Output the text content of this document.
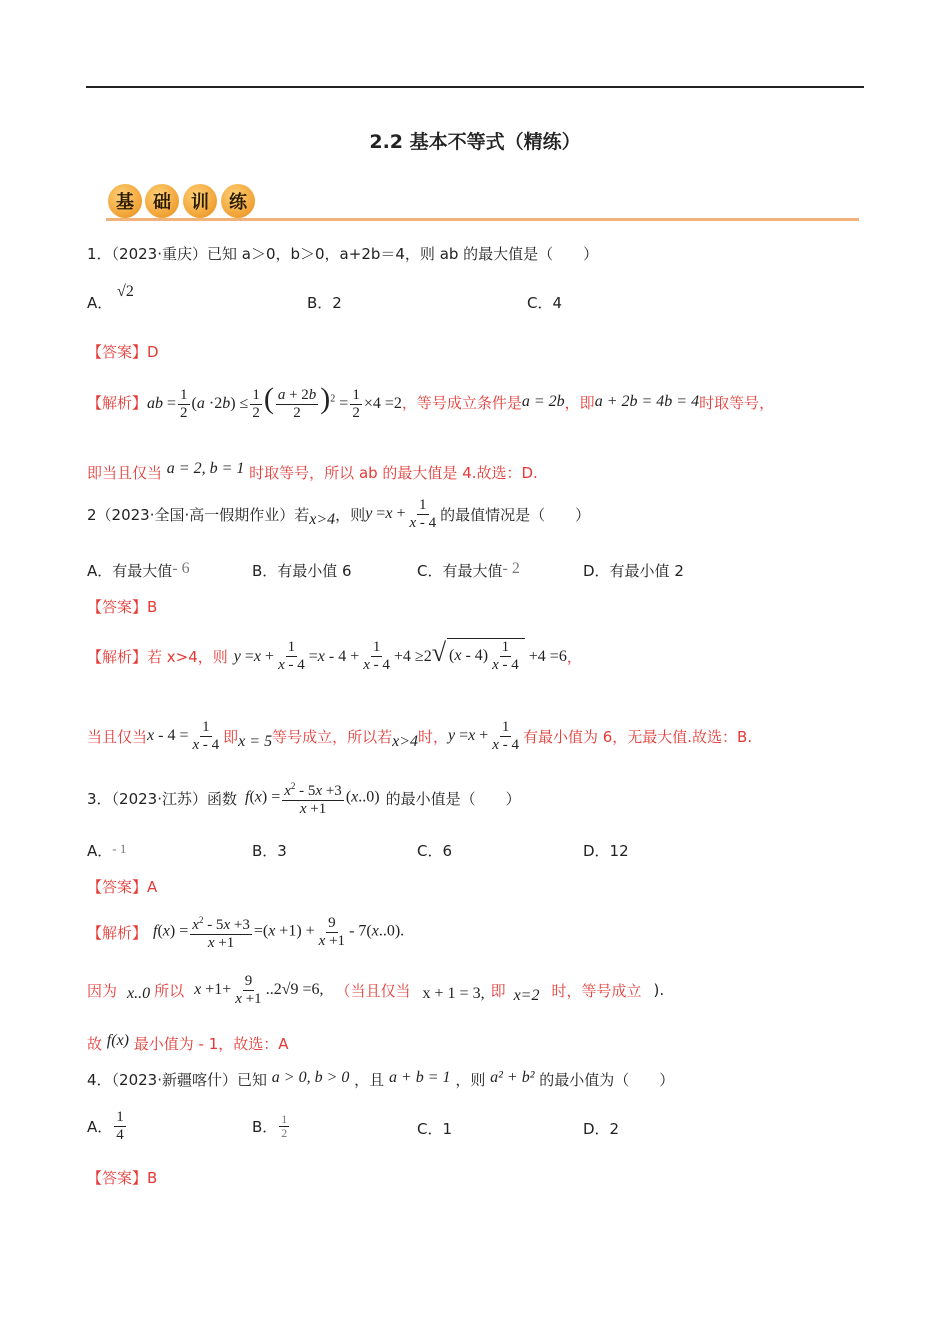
2.2 基本不等式（精练）
基	础	训	练
1．（2023·重庆）已知 a＞0，b＞0，a+2b＝4，则 ab 的最大值是（　　）
A． √2
B．2	C．4
【答案】D
【解析】 ab = $\frac{1}{2} (a \cdot 2b) \le \frac{1}{2}$ ( $\frac{a + 2b}{2} )^2 = \frac{1}{2} \times 4 =2$ ，等号成立条件是 a = 2b ，即 a + 2b = 4b = 4 时取等号，
即当且仅当 a = 2, b = 1 时取等号，所以 ab 的最大值是 4.故选：D.
2（2023·全国·高一假期作业）若 x>4 ，则 $y =x + \frac{1}{x - 4}$ 的最值情况是（　　）
A．有最大值- 6	B．有最小值 6	C．有最大值- 2	D．有最小值 2
【答案】B
【解析】 若 x>4，则 $y =x + \frac{1}{x - 4} =x - 4 + \frac{1}{x - 4} +4 \ge 2√$ $(x - 4) \frac{1}{x - 4} +4 =6$ ，
当且仅当 $x - 4 = \frac{1}{x - 4}$ 即 x = 5 等号成立，所以若 x>4 时， $y =x + \frac{1}{x - 4}$ 有最小值为 6，无最大值.故选：B.
3．（2023·江苏）函数 $f(x) = \frac{x^2 - 5x +3}{x +1} (x..0)$ 的最小值是（　　）
A．- 1	B．3	C．6	D．12
【答案】A
【解析】 $f(x) = \frac{x^2 - 5x +3}{x +1} =(x +1) + \frac{9}{x +1} - 7(x..0)$.
因为 x..0 所以 $x +1+ \frac{9}{x +1} ..2√9 =6$, （当且仅当 x + 1 = 3, 即 x=2 时，等号成立 ).
故 f(x) 最小值为 - 1，故选：A
4．（2023·新疆喀什）已知 a > 0, b > 0 ，且 a + b = 1 ，则 a² + b² 的最小值为（　　）
A． $\frac{1}{4}$	B． $\frac{1}{2}$	C．1	D．2
【答案】B
